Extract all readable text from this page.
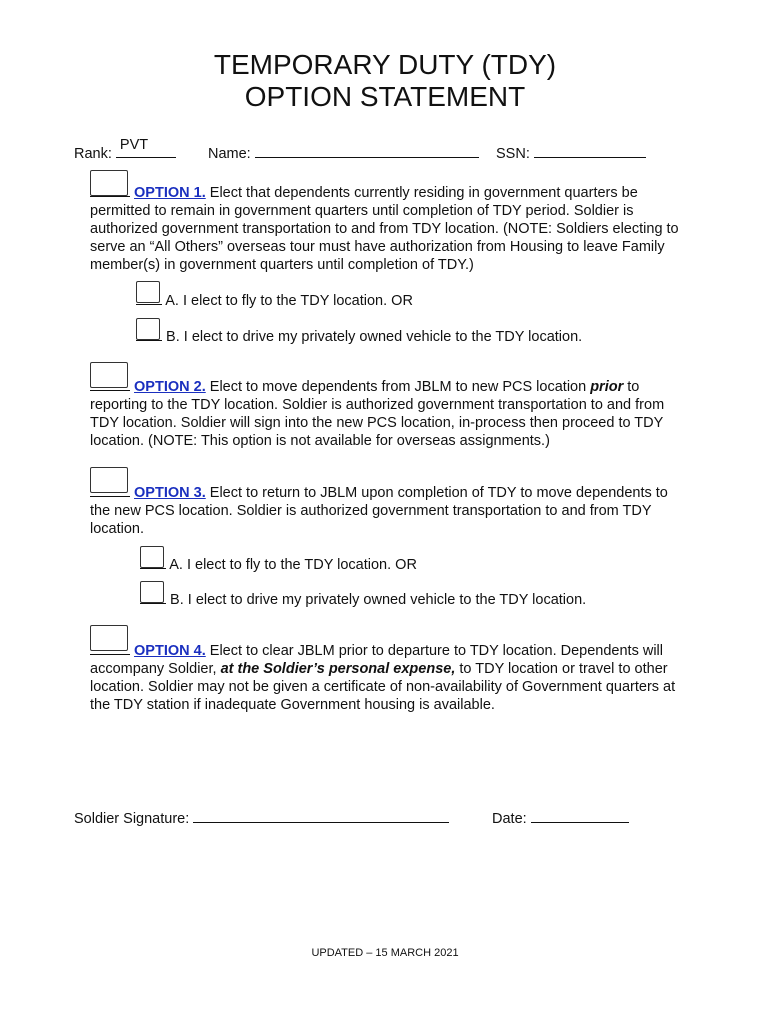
TEMPORARY DUTY (TDY)
OPTION STATEMENT
Rank:
PVT
Name:	SSN:
OPTION 1. Elect that dependents currently residing in government quarters be permitted to remain in government quarters until completion of TDY period. Soldier is authorized government transportation to and from TDY location. (NOTE: Soldiers electing to serve an “All Others” overseas tour must have authorization from Housing to leave Family member(s) in government quarters until completion of TDY.)
A. I elect to fly to the TDY location. OR
B. I elect to drive my privately owned vehicle to the TDY location.
OPTION 2. Elect to move dependents from JBLM to new PCS location prior to reporting to the TDY location. Soldier is authorized government transportation to and from TDY location. Soldier will sign into the new PCS location, in-process then proceed to TDY location. (NOTE: This option is not available for overseas assignments.)
OPTION 3. Elect to return to JBLM upon completion of TDY to move dependents to the new PCS location. Soldier is authorized government transportation to and from TDY location.
A. I elect to fly to the TDY location. OR
B. I elect to drive my privately owned vehicle to the TDY location.
OPTION 4. Elect to clear JBLM prior to departure to TDY location. Dependents will accompany Soldier, at the Soldier’s personal expense, to TDY location or travel to other location. Soldier may not be given a certificate of non-availability of Government quarters at the TDY station if inadequate Government housing is available.
Soldier Signature:	Date:
UPDATED – 15 MARCH 2021
